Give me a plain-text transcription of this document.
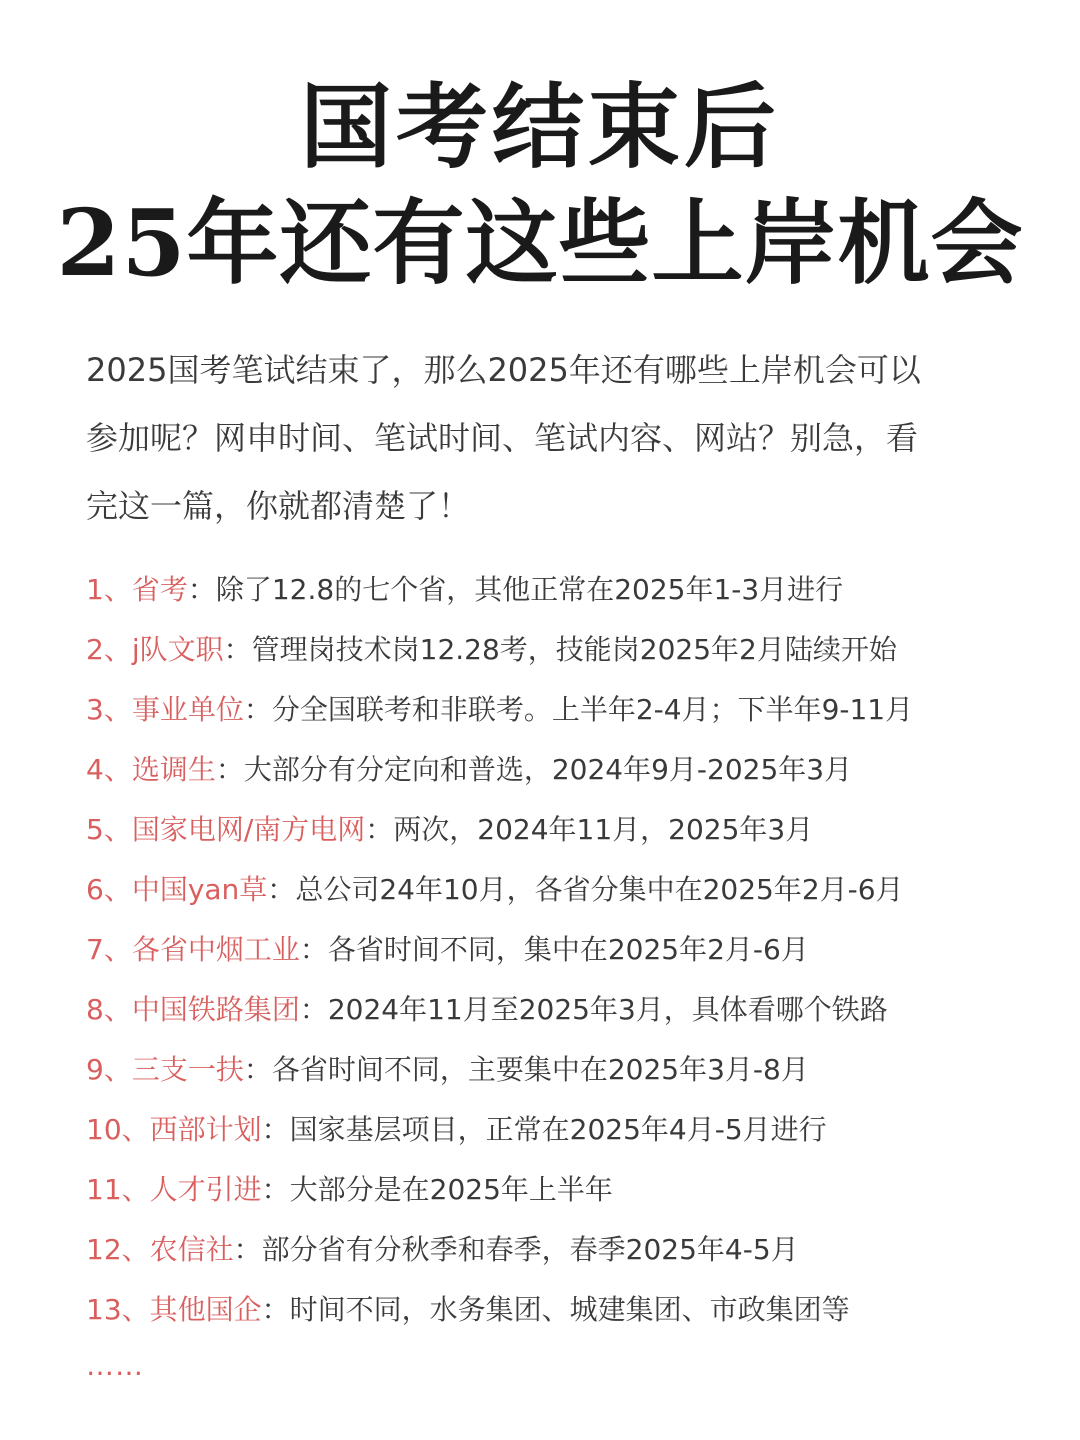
国考结束后
25年还有这些上岸机会
2025国考笔试结束了，那么2025年还有哪些上岸机会可以
参加呢？网申时间、笔试时间、笔试内容、网站？别急，看
完这一篇，你就都清楚了！
1、省考：除了12.8的七个省，其他正常在2025年1-3月进行
2、j队文职：管理岗技术岗12.28考，技能岗2025年2月陆续开始
3、事业单位：分全国联考和非联考。上半年2-4月；下半年9-11月
4、选调生：大部分有分定向和普选，2024年9月-2025年3月
5、国家电网/南方电网：两次，2024年11月，2025年3月
6、中国yan草：总公司24年10月，各省分集中在2025年2月-6月
7、各省中烟工业：各省时间不同，集中在2025年2月-6月
8、中国铁路集团：2024年11月至2025年3月，具体看哪个铁路
9、三支一扶：各省时间不同，主要集中在2025年3月-8月
10、西部计划：国家基层项目，正常在2025年4月-5月进行
11、人才引进：大部分是在2025年上半年
12、农信社：部分省有分秋季和春季，春季2025年4-5月
13、其他国企：时间不同，水务集团、城建集团、市政集团等
……
